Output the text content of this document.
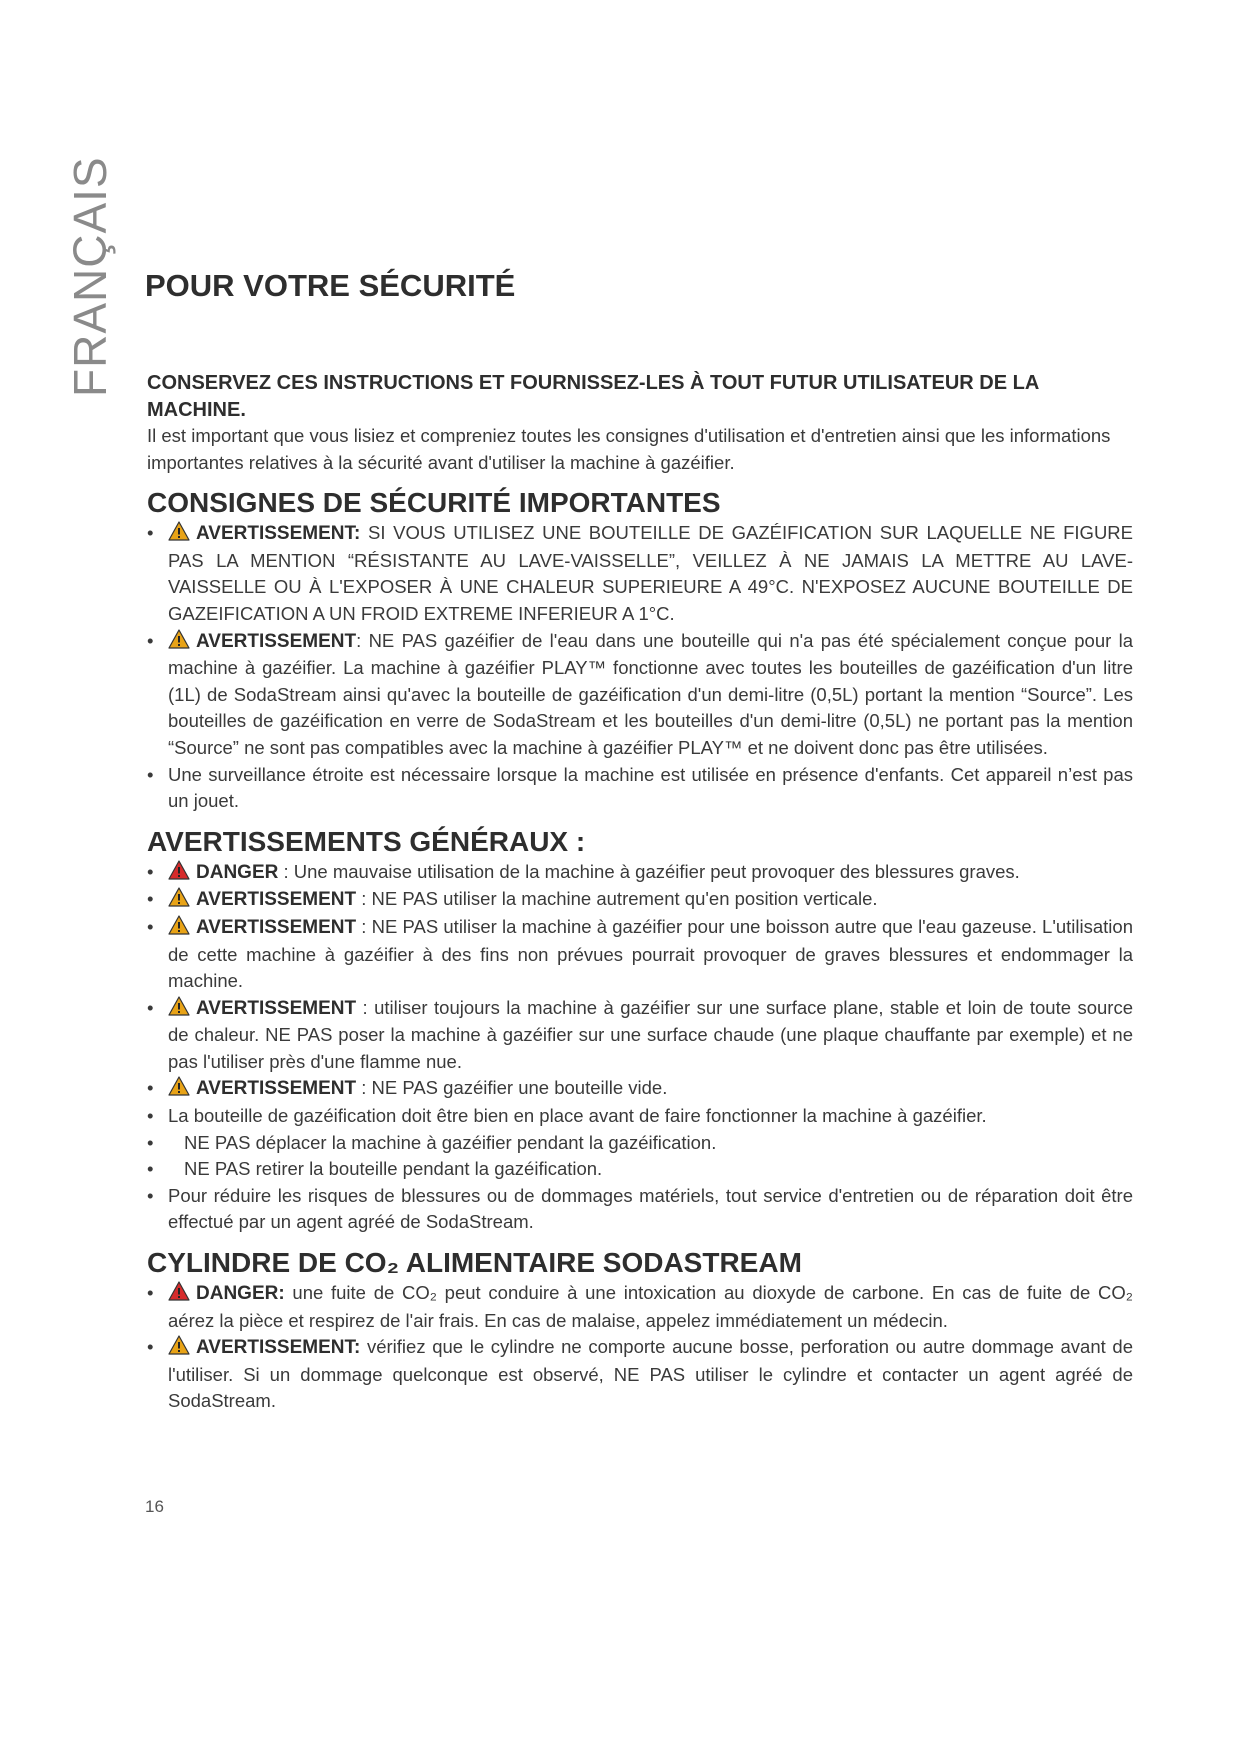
FRANÇAIS POUR VOTRE SÉCURITÉ

CONSERVEZ CES INSTRUCTIONS ET FOURNISSEZ-LES À TOUT FUTUR UTILISATEUR DE LA MACHINE.

Il est important que vous lisiez et compreniez toutes les consignes d'utilisation et d'entretien ainsi que les informations importantes relatives à la sécurité avant d'utiliser la machine à gazéifier.

CONSIGNES DE SÉCURITÉ IMPORTANTES
• AVERTISSEMENT: SI VOUS UTILISEZ UNE BOUTEILLE DE GAZÉIFICATION SUR LAQUELLE NE FIGURE PAS LA MENTION “RÉSISTANTE AU LAVE-VAISSELLE”, VEILLEZ À NE JAMAIS LA METTRE AU LAVE-VAISSELLE OU À L'EXPOSER À UNE CHALEUR SUPERIEURE A 49°C. N'EXPOSEZ AUCUNE BOUTEILLE DE GAZEIFICATION A UN FROID EXTREME INFERIEUR A 1°C.
• AVERTISSEMENT: NE PAS gazéifier de l'eau dans une bouteille qui n'a pas été spécialement conçue pour la machine à gazéifier. La machine à gazéifier PLAY™ fonctionne avec toutes les bouteilles de gazéification d'un litre (1L) de SodaStream ainsi qu'avec la bouteille de gazéification d'un demi-litre (0,5L) portant la mention “Source”. Les bouteilles de gazéification en verre de SodaStream et les bouteilles d'un demi-litre (0,5L) ne portant pas la mention “Source” ne sont pas compatibles avec la machine à gazéifier PLAY™ et ne doivent donc pas être utilisées.
• Une surveillance étroite est nécessaire lorsque la machine est utilisée en présence d'enfants. Cet appareil n’est pas un jouet.
AVERTISSEMENTS GÉNÉRAUX :
• DANGER : Une mauvaise utilisation de la machine à gazéifier peut provoquer des blessures graves.
• AVERTISSEMENT : NE PAS utiliser la machine autrement qu'en position verticale.
• AVERTISSEMENT : NE PAS utiliser la machine à gazéifier pour une boisson autre que l'eau gazeuse. L'utilisation de cette machine à gazéifier à des fins non prévues pourrait provoquer de graves blessures et endommager la machine.
• AVERTISSEMENT : utiliser toujours la machine à gazéifier sur une surface plane, stable et loin de toute source de chaleur. NE PAS poser la machine à gazéifier sur une surface chaude (une plaque chauffante par exemple) et ne pas l'utiliser près d'une flamme nue.
• AVERTISSEMENT : NE PAS gazéifier une bouteille vide.
• La bouteille de gazéification doit être bien en place avant de faire fonctionner la machine à gazéifier.
• NE PAS déplacer la machine à gazéifier pendant la gazéification.
• NE PAS retirer la bouteille pendant la gazéification.
• Pour réduire les risques de blessures ou de dommages matériels, tout service d'entretien ou de réparation doit être effectué par un agent agréé de SodaStream.
CYLINDRE DE CO₂ ALIMENTAIRE SODASTREAM
• DANGER: une fuite de CO₂ peut conduire à une intoxication au dioxyde de carbone. En cas de fuite de CO₂ aérez la pièce et respirez de l'air frais. En cas de malaise, appelez immédiatement un médecin.
• AVERTISSEMENT: vérifiez que le cylindre ne comporte aucune bosse, perforation ou autre dommage avant de l'utiliser. Si un dommage quelconque est observé, NE PAS utiliser le cylindre et contacter un agent agréé de SodaStream.
16
